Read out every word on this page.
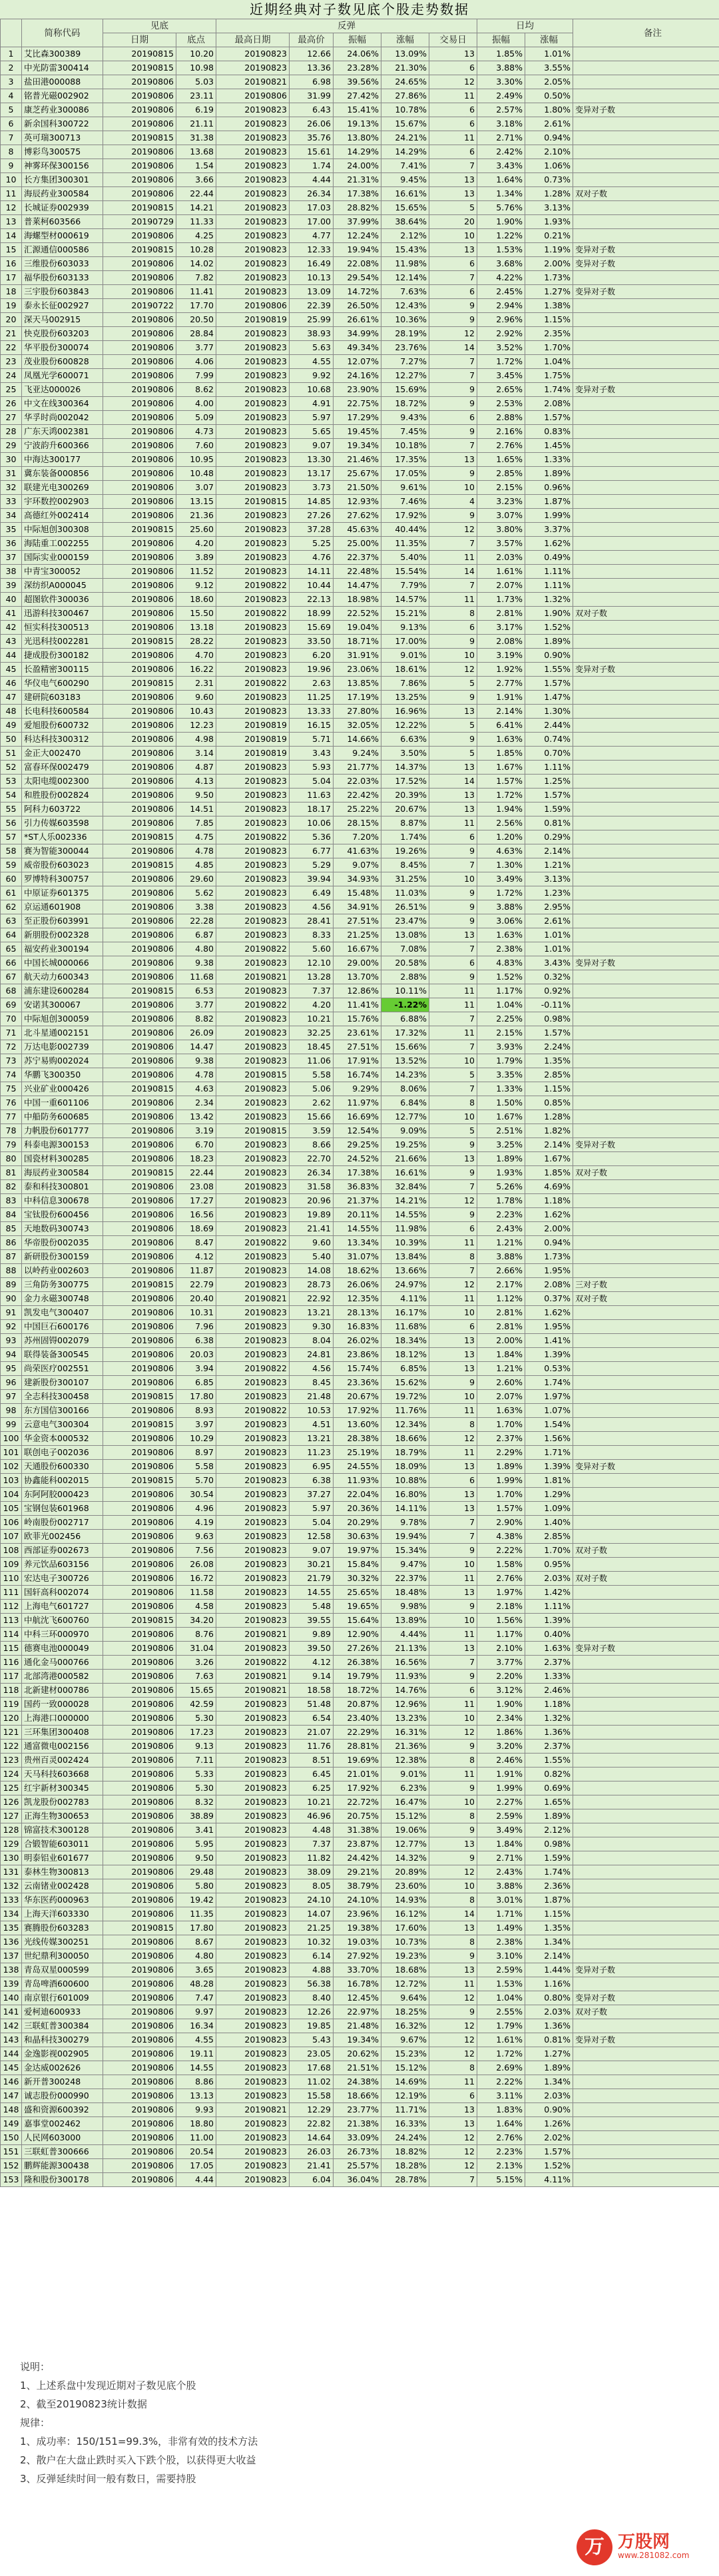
近期经典对子数见底个股走势数据
	简称代码	见底		反弹					日均		备注
		日期	底点	最高日期	最高价	振幅	涨幅	交易日	振幅	涨幅	
1	艾比森300389	20190815	10.20	20190823	12.66	24.06%	13.09%	13	1.85%	1.01%	
2	中光防雷300414	20190815	10.98	20190823	13.36	23.28%	21.30%	6	3.88%	3.55%	
3	盐田港000088	20190806	5.03	20190821	6.98	39.56%	24.65%	12	3.30%	2.05%	
4	铭普光磁002902	20190806	23.11	20190806	31.99	27.42%	27.86%	11	2.49%	0.50%	
5	康芝药业300086	20190806	6.19	20190823	6.43	15.41%	10.78%	6	2.57%	1.80%	变异对子数
6	新余国科300722	20190806	21.11	20190823	26.06	19.13%	15.67%	6	3.18%	2.61%	
7	英可瑞300713	20190815	31.38	20190823	35.76	13.80%	24.21%	11	2.71%	0.94%	
8	博彩鸟300575	20190806	13.68	20190823	15.61	14.29%	14.29%	6	2.42%	2.10%	
9	神雾环保300156	20190806	1.54	20190823	1.74	24.00%	7.41%	7	3.43%	1.06%	
10	长方集团300301	20190806	3.66	20190823	4.44	21.31%	9.45%	13	1.64%	0.73%	
11	海辰药业300584	20190806	22.44	20190823	26.34	17.38%	16.61%	13	1.34%	1.28%	双对子数
12	长城证券002939	20190815	14.21	20190823	17.03	28.82%	15.65%	5	5.76%	3.13%	
13	普莱柯603566	20190729	11.33	20190823	17.00	37.99%	38.64%	20	1.90%	1.93%	
14	海螺型材000619	20190806	4.25	20190823	4.77	12.24%	2.12%	10	1.22%	0.21%	
15	汇源通信000586	20190815	10.28	20190823	12.33	19.94%	15.43%	13	1.53%	1.19%	变异对子数
16	三维股份603033	20190806	14.02	20190823	16.49	22.08%	11.98%	6	3.68%	2.00%	变异对子数
17	福华股份603133	20190806	7.82	20190823	10.13	29.54%	12.14%	7	4.22%	1.73%	
18	三宇股份603843	20190806	11.41	20190823	13.09	14.72%	7.63%	6	2.45%	1.27%	变异对子数
19	泰永长征002927	20190722	17.70	20190806	22.39	26.50%	12.43%	9	2.94%	1.38%	
20	深天马002915	20190806	20.50	20190819	25.99	26.61%	10.36%	9	2.96%	1.15%	
21	快克股份603203	20190806	28.84	20190823	38.93	34.99%	28.19%	12	2.92%	2.35%	
22	华平股份300074	20190806	3.77	20190823	5.63	49.34%	23.76%	14	3.52%	1.70%	
23	茂业股份600828	20190806	4.06	20190823	4.55	12.07%	7.27%	7	1.72%	1.04%	
24	凤凰光学600071	20190806	7.99	20190823	9.92	24.16%	12.27%	7	3.45%	1.75%	
25	飞亚达000026	20190806	8.62	20190823	10.68	23.90%	15.69%	9	2.65%	1.74%	变异对子数
26	中文在线300364	20190806	4.00	20190823	4.91	22.75%	18.72%	9	2.53%	2.08%	
27	华孚时尚002042	20190806	5.09	20190823	5.97	17.29%	9.43%	6	2.88%	1.57%	
28	广东天鸿002381	20190806	4.73	20190823	5.65	19.45%	7.45%	9	2.16%	0.83%	
29	宁波韵升600366	20190806	7.60	20190823	9.07	19.34%	10.18%	7	2.76%	1.45%	
30	中海达300177	20190806	10.95	20190823	13.30	21.46%	17.35%	13	1.65%	1.33%	
31	冀东装备000856	20190806	10.48	20190823	13.17	25.67%	17.05%	9	2.85%	1.89%	
32	联建光电300269	20190806	3.07	20190823	3.73	21.50%	9.61%	10	2.15%	0.96%	
33	宇环数控002903	20190806	13.15	20190815	14.85	12.93%	7.46%	4	3.23%	1.87%	
34	高德红外002414	20190806	21.36	20190823	27.26	27.62%	17.92%	9	3.07%	1.99%	
35	中际旭创300308	20190815	25.60	20190823	37.28	45.63%	40.44%	12	3.80%	3.37%	
36	海陆重工002255	20190806	4.20	20190823	5.25	25.00%	11.35%	7	3.57%	1.62%	
37	国际实业000159	20190806	3.89	20190823	4.76	22.37%	5.40%	11	2.03%	0.49%	
38	中青宝300052	20190806	11.52	20190823	14.11	22.48%	15.54%	14	1.61%	1.11%	
39	深纺织A000045	20190806	9.12	20190822	10.44	14.47%	7.79%	7	2.07%	1.11%	
40	超图软件300036	20190806	18.60	20190823	22.13	18.98%	14.57%	11	1.73%	1.32%	
41	迅游科技300467	20190806	15.50	20190822	18.99	22.52%	15.21%	8	2.81%	1.90%	双对子数
42	恒实科技300513	20190806	13.18	20190823	15.69	19.04%	9.13%	6	3.17%	1.52%	
43	光迅科技002281	20190815	28.22	20190823	33.50	18.71%	17.00%	9	2.08%	1.89%	
44	捷成股份300182	20190806	4.70	20190823	6.20	31.91%	9.01%	10	3.19%	0.90%	
45	长盈精密300115	20190806	16.22	20190823	19.96	23.06%	18.61%	12	1.92%	1.55%	变异对子数
46	华仪电气600290	20190815	2.31	20190822	2.63	13.85%	7.86%	5	2.77%	1.57%	
47	建研院603183	20190806	9.60	20190823	11.25	17.19%	13.25%	9	1.91%	1.47%	
48	长电科技600584	20190806	10.43	20190823	13.33	27.80%	16.96%	13	2.14%	1.30%	
49	爱旭股份600732	20190806	12.23	20190819	16.15	32.05%	12.22%	5	6.41%	2.44%	
50	科达科技300312	20190806	4.98	20190819	5.71	14.66%	6.63%	9	1.63%	0.74%	
51	金正大002470	20190806	3.14	20190819	3.43	9.24%	3.50%	5	1.85%	0.70%	
52	富春环保002479	20190806	4.87	20190823	5.93	21.77%	14.37%	13	1.67%	1.11%	
53	太阳电缆002300	20190806	4.13	20190823	5.04	22.03%	17.52%	14	1.57%	1.25%	
54	和胜股份002824	20190806	9.50	20190823	11.63	22.42%	20.39%	13	1.72%	1.57%	
55	阿科力603722	20190806	14.51	20190823	18.17	25.22%	20.67%	13	1.94%	1.59%	
56	引力传媒603598	20190806	7.85	20190823	10.06	28.15%	8.87%	11	2.56%	0.81%	
57	*ST人乐002336	20190815	4.75	20190822	5.36	7.20%	1.74%	6	1.20%	0.29%	
58	赛为智能300044	20190806	4.78	20190823	6.77	41.63%	19.26%	9	4.63%	2.14%	
59	威帝股份603023	20190815	4.85	20190823	5.29	9.07%	8.45%	7	1.30%	1.21%	
60	罗博特科300757	20190806	29.60	20190823	39.94	34.93%	31.25%	10	3.49%	3.13%	
61	中原证券601375	20190806	5.62	20190823	6.49	15.48%	11.03%	9	1.72%	1.23%	
62	京运通601908	20190806	3.38	20190823	4.56	34.91%	26.51%	9	3.88%	2.95%	
63	至正股份603991	20190806	22.28	20190823	28.41	27.51%	23.47%	9	3.06%	2.61%	
64	新朋股份002328	20190806	6.87	20190823	8.33	21.25%	13.08%	13	1.63%	1.01%	
65	福安药业300194	20190806	4.80	20190822	5.60	16.67%	7.08%	7	2.38%	1.01%	
66	中国长城000066	20190806	9.38	20190823	12.10	29.00%	20.58%	6	4.83%	3.43%	变异对子数
67	航天动力600343	20190806	11.68	20190821	13.28	13.70%	2.88%	9	1.52%	0.32%	
68	浦东建设600284	20190815	6.53	20190823	7.37	12.86%	10.11%	11	1.17%	0.92%	
69	安诺其300067	20190806	3.77	20190822	4.20	11.41%	-1.22%	11	1.04%	-0.11%	
70	中际旭创300059	20190806	8.82	20190823	10.21	15.76%	6.88%	7	2.25%	0.98%	
71	北斗星通002151	20190806	26.09	20190823	32.25	23.61%	17.32%	11	2.15%	1.57%	
72	万达电影002739	20190806	14.47	20190823	18.45	27.51%	15.66%	7	3.93%	2.24%	
73	苏宁易购002024	20190806	9.38	20190823	11.06	17.91%	13.52%	10	1.79%	1.35%	
74	华鹏飞300350	20190806	4.78	20190815	5.58	16.74%	14.23%	5	3.35%	2.85%	
75	兴业矿业000426	20190815	4.63	20190823	5.06	9.29%	8.06%	7	1.33%	1.15%	
76	中国一重601106	20190806	2.34	20190823	2.62	11.97%	6.84%	8	1.50%	0.85%	
77	中船防务600685	20190806	13.42	20190823	15.66	16.69%	12.77%	10	1.67%	1.28%	
78	力帆股份601777	20190806	3.19	20190815	3.59	12.54%	9.09%	5	2.51%	1.82%	
79	科泰电源300153	20190806	6.70	20190823	8.66	29.25%	19.25%	9	3.25%	2.14%	变异对子数
80	国瓷材料300285	20190806	18.23	20190823	22.70	24.52%	21.66%	13	1.89%	1.67%	
81	海辰药业300584	20190815	22.44	20190823	26.34	17.38%	16.61%	9	1.93%	1.85%	双对子数
82	泰和科技300801	20190806	23.08	20190823	31.58	36.83%	32.84%	7	5.26%	4.69%	
83	中科信息300678	20190806	17.27	20190823	20.96	21.37%	14.21%	12	1.78%	1.18%	
84	宝钛股份600456	20190806	16.56	20190823	19.89	20.11%	14.55%	9	2.23%	1.62%	
85	天地数码300743	20190806	18.69	20190823	21.41	14.55%	11.98%	6	2.43%	2.00%	
86	华帝股份002035	20190806	8.47	20190822	9.60	13.34%	10.39%	11	1.21%	0.94%	
87	新研股份300159	20190806	4.12	20190823	5.40	31.07%	13.84%	8	3.88%	1.73%	
88	以岭药业002603	20190806	11.87	20190823	14.08	18.62%	13.66%	7	2.66%	1.95%	
89	三角防务300775	20190815	22.79	20190823	28.73	26.06%	24.97%	12	2.17%	2.08%	三对子数
90	金力永磁300748	20190806	20.40	20190821	22.92	12.35%	4.11%	11	1.12%	0.37%	双对子数
91	凯发电气300407	20190806	10.31	20190823	13.21	28.13%	16.17%	10	2.81%	1.62%	
92	中国巨石600176	20190806	7.96	20190823	9.30	16.83%	11.68%	6	2.81%	1.95%	
93	苏州固锝002079	20190806	6.38	20190823	8.04	26.02%	18.34%	13	2.00%	1.41%	
94	联得装备300545	20190806	20.03	20190823	24.81	23.86%	18.12%	13	1.84%	1.39%	
95	尚荣医疗002551	20190806	3.94	20190822	4.56	15.74%	6.85%	13	1.21%	0.53%	
96	建新股份300107	20190806	6.85	20190823	8.45	23.36%	15.62%	9	2.60%	1.74%	
97	全志科技300458	20190815	17.80	20190823	21.48	20.67%	19.72%	10	2.07%	1.97%	
98	东方国信300166	20190806	8.93	20190822	10.53	17.92%	11.76%	11	1.63%	1.07%	
99	云意电气300304	20190815	3.97	20190823	4.51	13.60%	12.34%	8	1.70%	1.54%	
100	华金资本000532	20190806	10.29	20190823	13.21	28.38%	18.66%	12	2.37%	1.56%	
101	联创电子002036	20190806	8.97	20190823	11.23	25.19%	18.79%	11	2.29%	1.71%	
102	天通股份600330	20190806	5.58	20190823	6.95	24.55%	18.09%	13	1.89%	1.39%	变异对子数
103	协鑫能科002015	20190815	5.70	20190823	6.38	11.93%	10.88%	6	1.99%	1.81%	
104	东阿阿胶000423	20190806	30.54	20190823	37.27	22.04%	16.80%	13	1.70%	1.29%	
105	宝钢包装601968	20190806	4.96	20190823	5.97	20.36%	14.11%	13	1.57%	1.09%	
106	岭南股份002717	20190806	4.19	20190823	5.04	20.29%	9.78%	7	2.90%	1.40%	
107	欧菲光002456	20190806	9.63	20190823	12.58	30.63%	19.94%	7	4.38%	2.85%	
108	西部证券002673	20190806	7.56	20190823	9.07	19.97%	15.34%	9	2.22%	1.70%	双对子数
109	养元饮品603156	20190806	26.08	20190823	30.21	15.84%	9.47%	10	1.58%	0.95%	
110	宏达电子300726	20190806	16.72	20190823	21.79	30.32%	22.37%	11	2.76%	2.03%	双对子数
111	国轩高科002074	20190806	11.58	20190823	14.55	25.65%	18.48%	13	1.97%	1.42%	
112	上海电气601727	20190806	4.58	20190823	5.48	19.65%	9.98%	9	2.18%	1.11%	
113	中航沈飞600760	20190815	34.20	20190823	39.55	15.64%	13.89%	10	1.56%	1.39%	
114	中科三环000970	20190806	8.76	20190821	9.89	12.90%	4.44%	11	1.17%	0.40%	
115	德赛电池000049	20190806	31.04	20190823	39.50	27.26%	21.13%	13	2.10%	1.63%	变异对子数
116	通化金马000766	20190806	3.26	20190822	4.12	26.38%	16.56%	7	3.77%	2.37%	
117	北部湾港000582	20190806	7.63	20190821	9.14	19.79%	11.93%	9	2.20%	1.33%	
118	北新建材000786	20190806	15.65	20190821	18.58	18.72%	14.76%	6	3.12%	2.46%	
119	国药一致000028	20190806	42.59	20190823	51.48	20.87%	12.96%	11	1.90%	1.18%	
120	上海港口000000	20190806	5.30	20190823	6.54	23.40%	13.23%	10	2.34%	1.32%	
121	三环集团300408	20190806	17.23	20190823	21.07	22.29%	16.31%	12	1.86%	1.36%	
122	通富微电002156	20190806	9.13	20190823	11.76	28.81%	21.36%	9	3.20%	2.37%	
123	贵州百灵002424	20190806	7.11	20190823	8.51	19.69%	12.38%	8	2.46%	1.55%	
124	天马科技603668	20190806	5.33	20190823	6.45	21.01%	9.01%	11	1.91%	0.82%	
125	红宇新材300345	20190806	5.30	20190823	6.25	17.92%	6.23%	9	1.99%	0.69%	
126	凯龙股份002783	20190806	8.32	20190823	10.21	22.72%	16.47%	10	2.27%	1.65%	
127	正海生物300653	20190806	38.89	20190823	46.96	20.75%	15.12%	8	2.59%	1.89%	
128	锦富技术300128	20190806	3.41	20190823	4.48	31.38%	19.06%	9	3.49%	2.12%	
129	合锻智能603011	20190806	5.95	20190823	7.37	23.87%	12.77%	13	1.84%	0.98%	
130	明泰铝业601677	20190806	9.50	20190823	11.82	24.42%	14.32%	9	2.71%	1.59%	
131	泰林生物300813	20190806	29.48	20190823	38.09	29.21%	20.89%	12	2.43%	1.74%	
132	云南锗业002428	20190806	5.80	20190823	8.05	38.79%	23.60%	10	3.88%	2.36%	
133	华东医药000963	20190806	19.42	20190823	24.10	24.10%	14.93%	8	3.01%	1.87%	
134	上海天洋603330	20190806	11.35	20190823	14.07	23.96%	16.12%	14	1.71%	1.15%	
135	赛腾股份603283	20190815	17.80	20190823	21.25	19.38%	17.60%	13	1.49%	1.35%	
136	光线传媒300251	20190806	8.67	20190823	10.32	19.03%	10.73%	8	2.38%	1.34%	
137	世纪鼎利300050	20190806	4.80	20190823	6.14	27.92%	19.23%	9	3.10%	2.14%	
138	青岛双星000599	20190806	3.65	20190823	4.88	33.70%	18.68%	13	2.59%	1.44%	变异对子数
139	青岛啤酒600600	20190806	48.28	20190823	56.38	16.78%	12.72%	11	1.53%	1.16%	
140	南京银行601009	20190806	7.47	20190823	8.40	12.45%	9.64%	12	1.04%	0.80%	变异对子数
141	爱柯迪600933	20190806	9.97	20190823	12.26	22.97%	18.25%	9	2.55%	2.03%	双对子数
142	三联虹普300384	20190806	16.34	20190823	19.85	21.48%	16.32%	12	1.79%	1.36%	
143	和晶科技300279	20190806	4.55	20190823	5.43	19.34%	9.67%	12	1.61%	0.81%	变异对子数
144	金逸影视002905	20190806	19.11	20190823	23.05	20.62%	15.23%	12	1.72%	1.27%	
145	金达威002626	20190806	14.55	20190823	17.68	21.51%	15.12%	8	2.69%	1.89%	
146	新开普300248	20190806	8.86	20190823	11.02	24.38%	14.69%	11	2.22%	1.34%	
147	诚志股份000990	20190806	13.13	20190823	15.58	18.66%	12.19%	6	3.11%	2.03%	
148	盛和资源600392	20190806	9.93	20190821	12.29	23.77%	11.71%	13	1.83%	0.90%	
149	嘉事堂002462	20190806	18.80	20190823	22.82	21.38%	16.33%	13	1.64%	1.26%	
150	人民网603000	20190806	11.00	20190823	14.64	33.09%	24.24%	12	2.76%	2.02%	
151	三联虹普300666	20190806	20.54	20190823	26.03	26.73%	18.82%	12	2.23%	1.57%	
152	鹏辉能源300438	20190806	17.05	20190823	21.41	25.57%	18.28%	12	2.13%	1.52%	
153	隆和股份300178	20190806	4.44	20190823	6.04	36.04%	28.78%	7	5.15%	4.11%	
说明：
1、上述系盘中发现近期对子数见底个股
2、截至20190823统计数据
规律：
1、成功率：150/151=99.3%，非常有效的技术方法
2、散户在大盘止跌时买入下跌个股，以获得更大收益
3、反弹延续时间一般有数日，需要持股
万 万股网
www.281082.com
